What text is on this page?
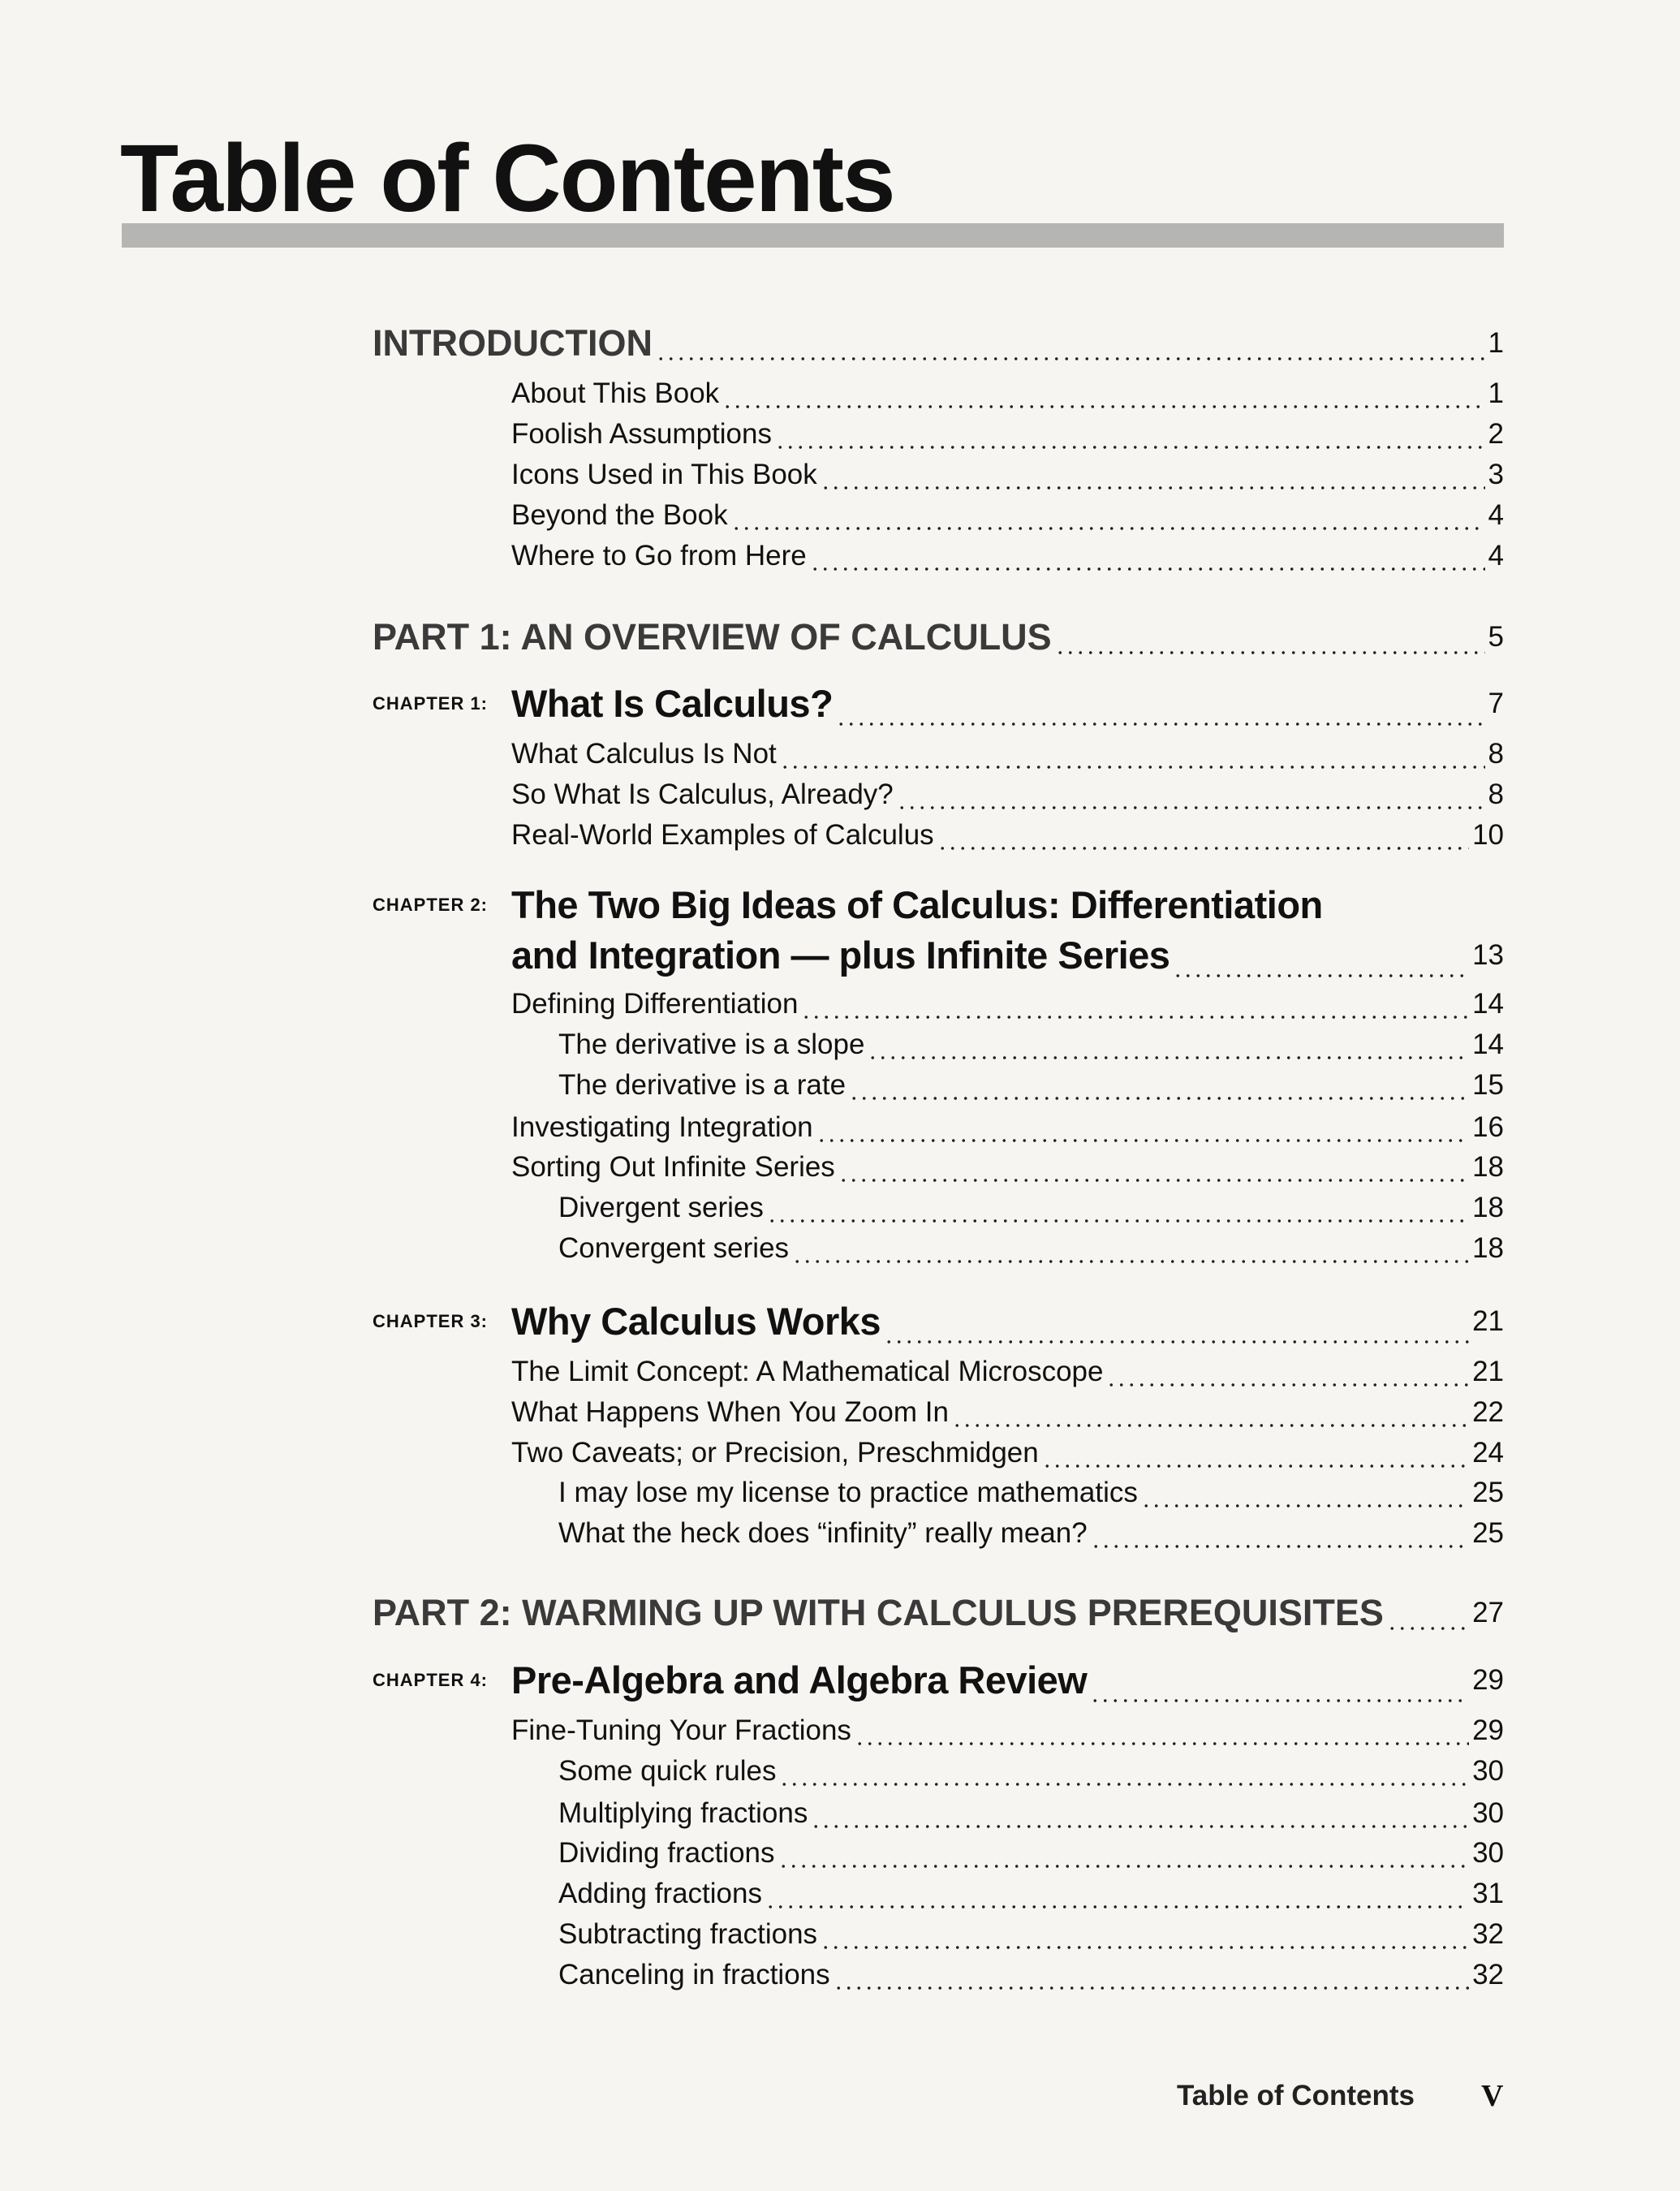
Table of Contents
INTRODUCTION	1
About This Book	1
Foolish Assumptions	2
Icons Used in This Book	3
Beyond the Book	4
Where to Go from Here	4
PART 1: AN OVERVIEW OF CALCULUS	5
CHAPTER 1: What Is Calculus?	7
What Calculus Is Not	8
So What Is Calculus, Already?	8
Real-World Examples of Calculus	10
CHAPTER 2: The Two Big Ideas of Calculus: Differentiation
and Integration — plus Infinite Series	13
Defining Differentiation	14
The derivative is a slope	14
The derivative is a rate	15
Investigating Integration	16
Sorting Out Infinite Series	18
Divergent series	18
Convergent series	18
CHAPTER 3: Why Calculus Works	21
The Limit Concept: A Mathematical Microscope	21
What Happens When You Zoom In	22
Two Caveats; or Precision, Preschmidgen	24
I may lose my license to practice mathematics	25
What the heck does “infinity” really mean?	25
PART 2: WARMING UP WITH CALCULUS PREREQUISITES	27
CHAPTER 4: Pre-Algebra and Algebra Review	29
Fine-Tuning Your Fractions	29
Some quick rules	30
Multiplying fractions	30
Dividing fractions	30
Adding fractions	31
Subtracting fractions	32
Canceling in fractions	32
Table of Contents V
